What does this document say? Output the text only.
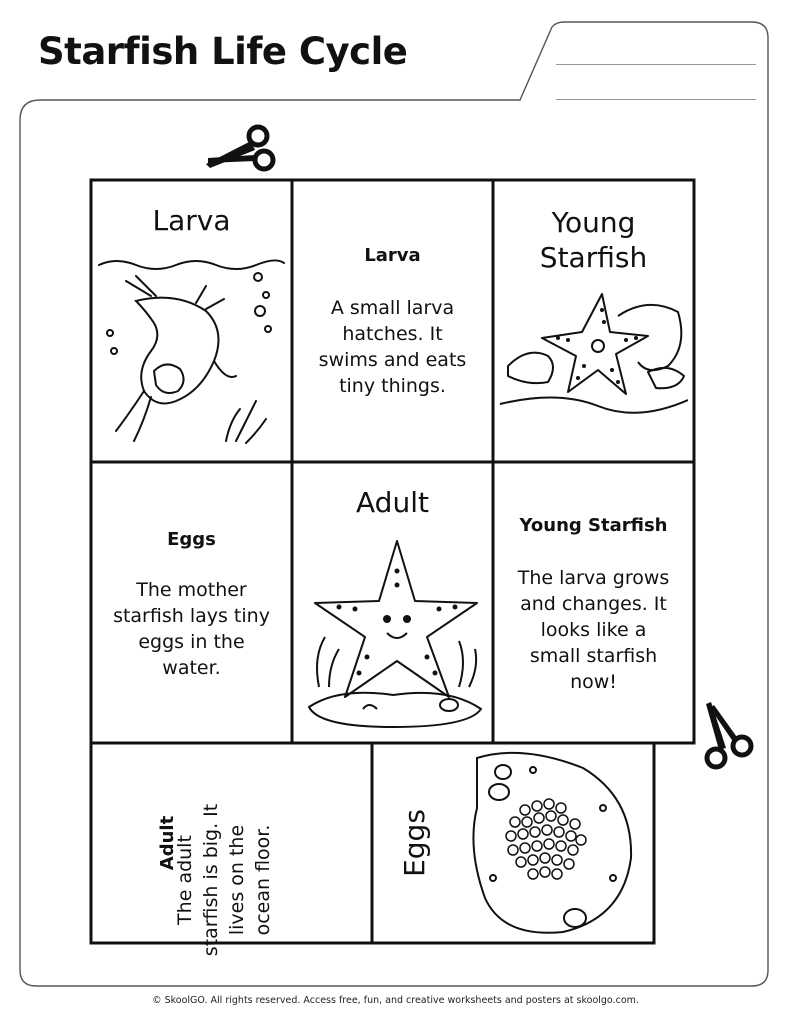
Starfish Life Cycle
Larva
Larva
A small larva
hatches. It
swims and eats
tiny things.
Young
Starfish
Eggs
The mother
starfish lays tiny
eggs in the
water.
Adult
Young Starfish
The larva grows
and changes. It
looks like a
small starfish
now!
Adult
The adult starfish is big. It lives on the ocean floor.	Eggs
© SkoolGO. All rights reserved. Access free, fun, and creative worksheets and posters at skoolgo.com.
